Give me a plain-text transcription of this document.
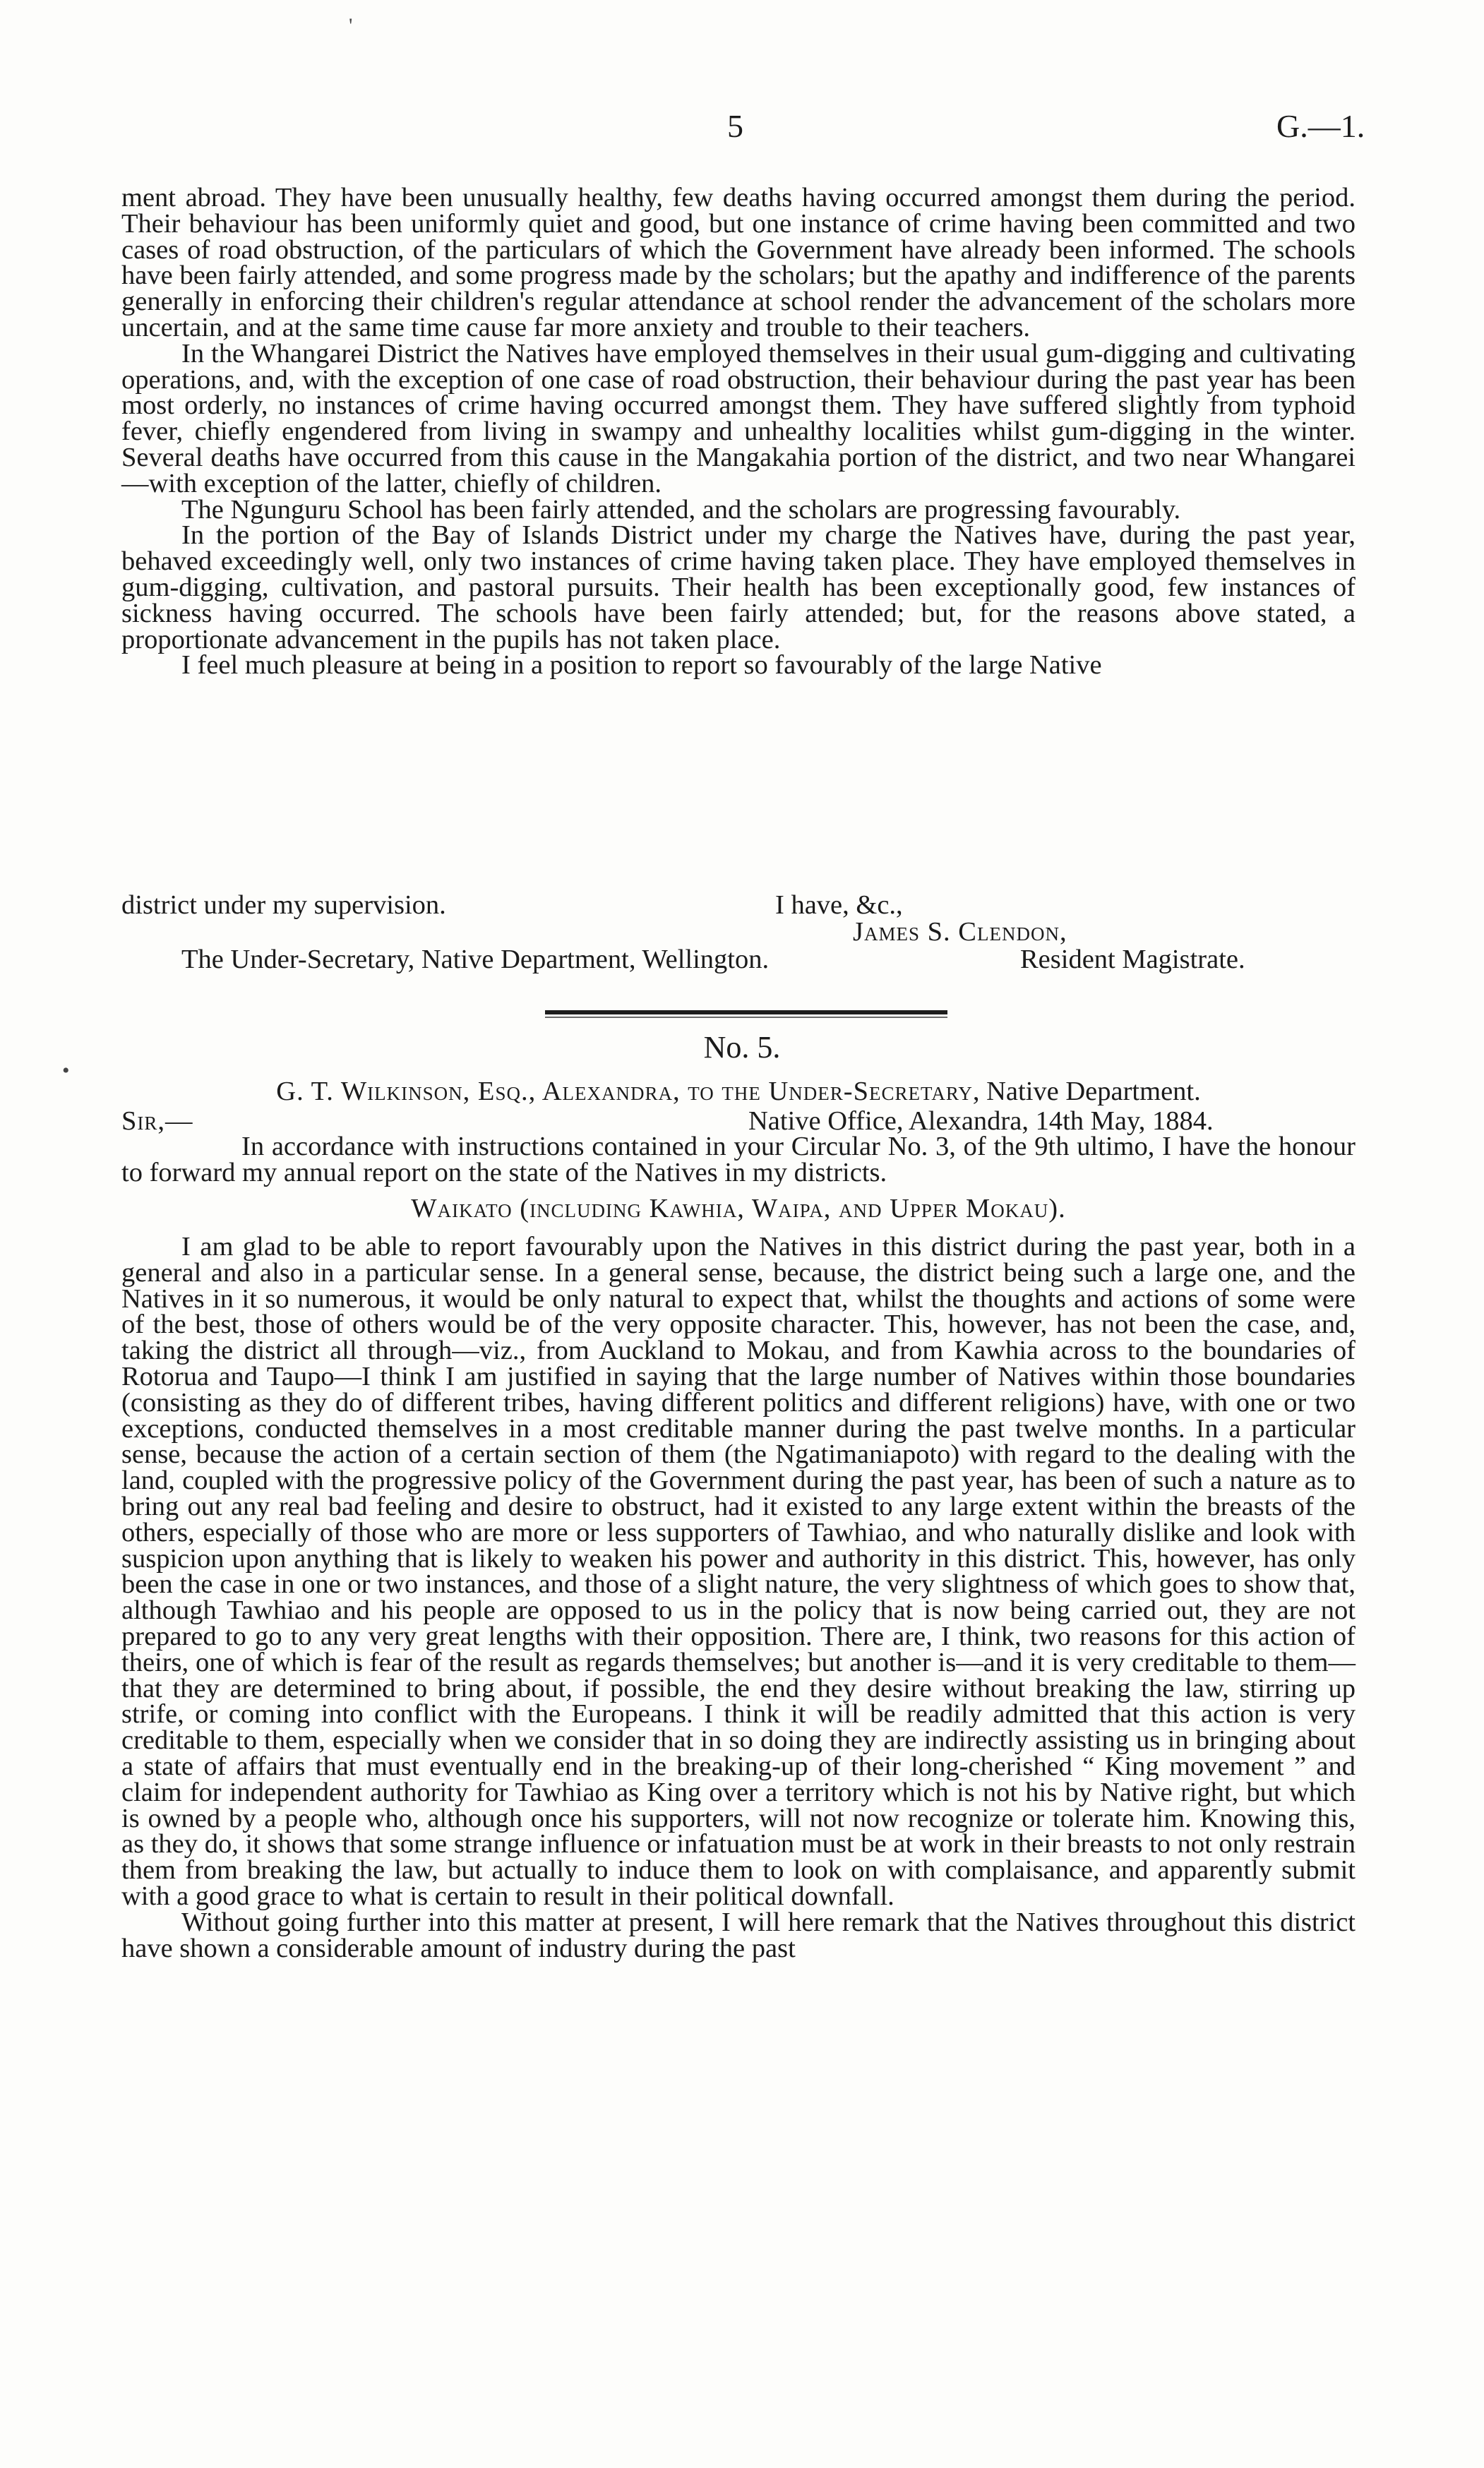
5	G.—1.

ment abroad. They have been unusually healthy, few deaths having occurred amongst them during the period. Their behaviour has been uniformly quiet and good, but one instance of crime having been committed and two cases of road obstruction, of the particulars of which the Government have already been informed. The schools have been fairly attended, and some progress made by the scholars; but the apathy and indifference of the parents generally in enforcing their children's regular attendance at school render the advancement of the scholars more uncertain, and at the same time cause far more anxiety and trouble to their teachers.

In the Whangarei District the Natives have employed themselves in their usual gum-digging and cultivating operations, and, with the exception of one case of road obstruction, their behaviour during the past year has been most orderly, no instances of crime having occurred amongst them. They have suffered slightly from typhoid fever, chiefly engendered from living in swampy and unhealthy localities whilst gum-digging in the winter. Several deaths have occurred from this cause in the Mangakahia portion of the district, and two near Whangarei—with exception of the latter, chiefly of children.

The Ngunguru School has been fairly attended, and the scholars are progressing favourably.

In the portion of the Bay of Islands District under my charge the Natives have, during the past year, behaved exceedingly well, only two instances of crime having taken place. They have employed themselves in gum-digging, cultivation, and pastoral pursuits. Their health has been exceptionally good, few instances of sickness having occurred. The schools have been fairly attended; but, for the reasons above stated, a proportionate advancement in the pupils has not taken place.

I feel much pleasure at being in a position to report so favourably of the large Native

district under my supervision.	I have, &c.,
James S. Clendon,
The Under-Secretary, Native Department, Wellington.	Resident Magistrate.
No. 5.
G. T. Wilkinson, Esq., Alexandra, to the Under-Secretary, Native Department.
Sir,—	Native Office, Alexandra, 14th May, 1884.

In accordance with instructions contained in your Circular No. 3, of the 9th ultimo, I have the honour to forward my annual report on the state of the Natives in my districts.

Waikato (including Kawhia, Waipa, and Upper Mokau).

I am glad to be able to report favourably upon the Natives in this district during the past year, both in a general and also in a particular sense. In a general sense, because, the district being such a large one, and the Natives in it so numerous, it would be only natural to expect that, whilst the thoughts and actions of some were of the best, those of others would be of the very opposite character. This, however, has not been the case, and, taking the district all through—viz., from Auckland to Mokau, and from Kawhia across to the boundaries of Rotorua and Taupo—I think I am justified in saying that the large number of Natives within those boundaries (consisting as they do of different tribes, having different politics and different religions) have, with one or two exceptions, conducted themselves in a most creditable manner during the past twelve months. In a particular sense, because the action of a certain section of them (the Ngatimaniapoto) with regard to the dealing with the land, coupled with the progressive policy of the Government during the past year, has been of such a nature as to bring out any real bad feeling and desire to obstruct, had it existed to any large extent within the breasts of the others, especially of those who are more or less supporters of Tawhiao, and who naturally dislike and look with suspicion upon anything that is likely to weaken his power and authority in this district. This, however, has only been the case in one or two instances, and those of a slight nature, the very slightness of which goes to show that, although Tawhiao and his people are opposed to us in the policy that is now being carried out, they are not prepared to go to any very great lengths with their opposition. There are, I think, two reasons for this action of theirs, one of which is fear of the result as regards themselves; but another is—and it is very creditable to them—that they are determined to bring about, if possible, the end they desire without breaking the law, stirring up strife, or coming into conflict with the Europeans. I think it will be readily admitted that this action is very creditable to them, especially when we consider that in so doing they are indirectly assisting us in bringing about a state of affairs that must eventually end in the breaking-up of their long-cherished “ King movement ” and claim for independent authority for Tawhiao as King over a territory which is not his by Native right, but which is owned by a people who, although once his supporters, will not now recognize or tolerate him. Knowing this, as they do, it shows that some strange influence or infatuation must be at work in their breasts to not only restrain them from breaking the law, but actually to induce them to look on with complaisance, and apparently submit with a good grace to what is certain to result in their political downfall.

Without going further into this matter at present, I will here remark that the Natives throughout this district have shown a considerable amount of industry during the past

'
•
